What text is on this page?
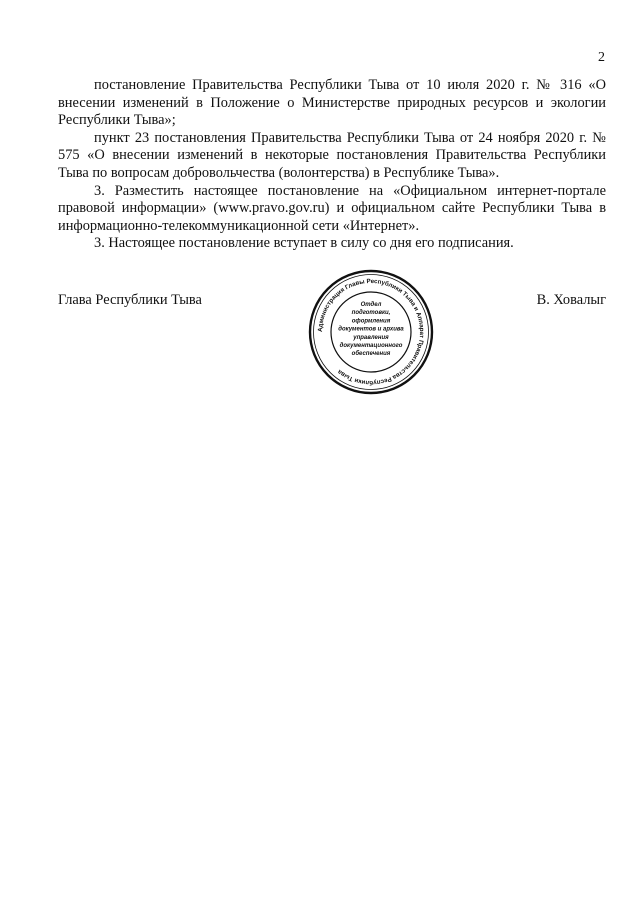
2

постановление Правительства Республики Тыва от 10 июля 2020 г. № 316 «О внесении изменений в Положение о Министерстве природных ресурсов и экологии Республики Тыва»;

пункт 23 постановления Правительства Республики Тыва от 24 ноября 2020 г. № 575 «О внесении изменений в некоторые постановления Правительства Республики Тыва по вопросам добровольчества (волонтерства) в Республике Тыва».

3. Разместить настоящее постановление на «Официальном интернет-портале правовой информации» (www.pravo.gov.ru) и официальном сайте Республики Тыва в информационно-телекоммуникационной сети «Интернет».

3. Настоящее постановление вступает в силу со дня его подписания.

Глава Республики Тыва
Администрация Главы Республики Тыва и Аппарат Правительства Республики Тыва
Отдел
подготовки,
оформления
документов и архива
управления
документационного
обеспечения
В. Ховалыг
